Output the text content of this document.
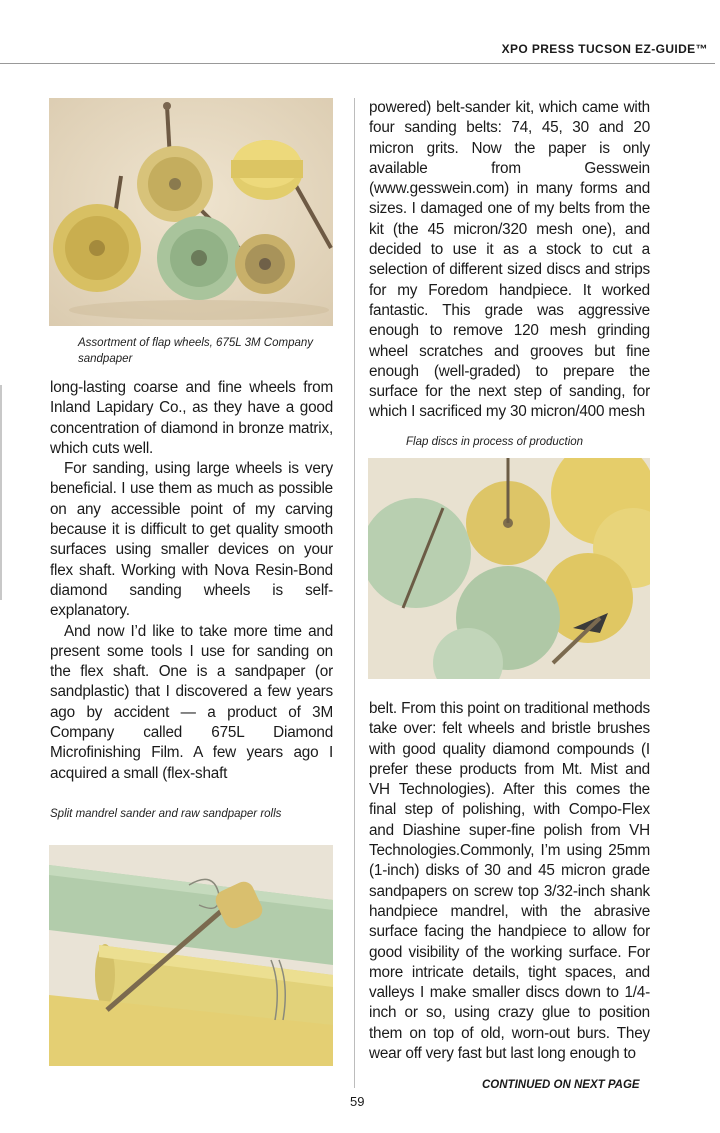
XPO PRESS TUCSON EZ-GUIDE™
Assortment of flap wheels, 675L 3M Company sandpaper

long-lasting coarse and fine wheels from Inland Lapidary Co., as they have a good concentration of diamond in bronze matrix, which cuts well.

For sanding, using large wheels is very beneficial. I use them as much as possible on any accessible point of my carving because it is difficult to get quality smooth surfaces using smaller devices on your flex shaft. Working with Nova Resin-Bond diamond sanding wheels is self-explanatory.

And now I’d like to take more time and present some tools I use for sanding on the flex shaft. One is a sandpaper (or sandplastic) that I discovered a few years ago by accident — a product of 3M Company called 675L Diamond Microfinishing Film. A few years ago I acquired a small (flex-shaft

Split mandrel sander and raw sandpaper rolls

powered) belt-sander kit, which came with four sanding belts: 74, 45, 30 and 20 micron grits. Now the paper is only available from Gesswein (www.gesswein.com) in many forms and sizes. I damaged one of my belts from the kit (the 45 micron/320 mesh one), and decided to use it as a stock to cut a selection of different sized discs and strips for my Foredom handpiece. It worked fantastic. This grade was aggressive enough to remove 120 mesh grinding wheel scratches and grooves but fine enough (well-graded) to prepare the surface for the next step of sanding, for which I sacrificed my 30 micron/400 mesh

Flap discs in process of production

belt. From this point on traditional methods take over: felt wheels and bristle brushes with good quality diamond compounds (I prefer these products from Mt. Mist and VH Technologies). After this comes the final step of polishing, with Compo-Flex and Diashine super-fine polish from VH Technologies.Commonly, I’m using 25mm (1-inch) disks of 30 and 45 micron grade sandpapers on screw top 3/32-inch shank handpiece mandrel, with the abrasive surface facing the handpiece to allow for good visibility of the working surface. For more intricate details, tight spaces, and valleys I make smaller discs down to 1/4-inch or so, using crazy glue to position them on top of old, worn-out burs. They wear off very fast but last long enough to

CONTINUED ON NEXT PAGE
59
